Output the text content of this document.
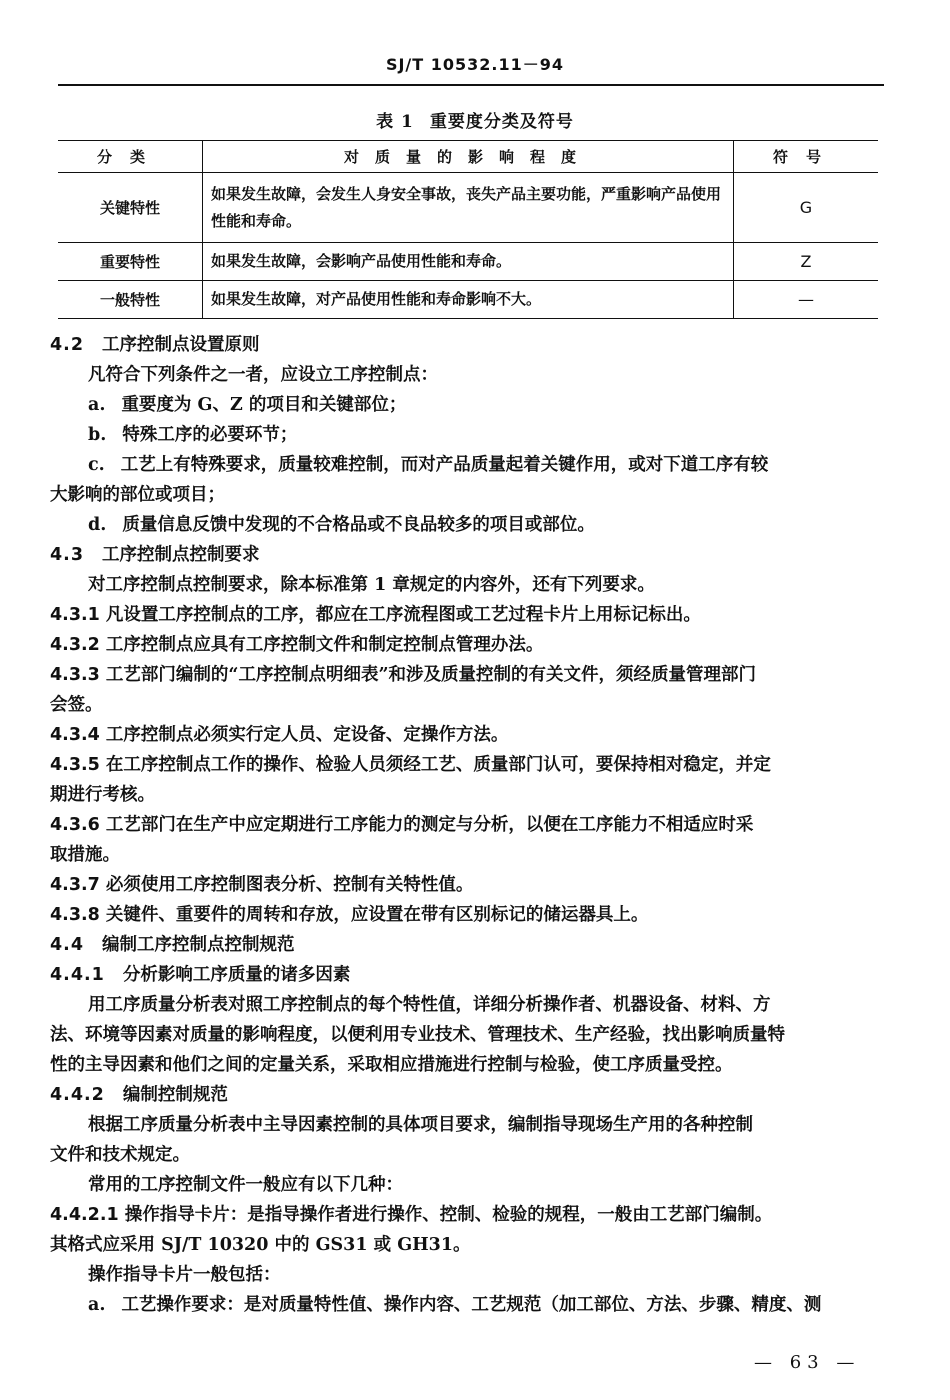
SJ/T 10532.11－94
表 1 重要度分类及符号
分类	对质量的影响程度	符号
关键特性	如果发生故障，会发生人身安全事故，丧失产品主要功能，严重影响产品使用性能和寿命。	G
重要特性	如果发生故障，会影响产品使用性能和寿命。	Z
一般特性	如果发生故障，对产品使用性能和寿命影响不大。	—

4.2 工序控制点设置原则

凡符合下列条件之一者，应设立工序控制点：

a. 重要度为 G、Z 的项目和关键部位；

b. 特殊工序的必要环节；

c. 工艺上有特殊要求，质量较难控制，而对产品质量起着关键作用，或对下道工序有较

大影响的部位或项目；

d. 质量信息反馈中发现的不合格品或不良品较多的项目或部位。

4.3 工序控制点控制要求

对工序控制点控制要求，除本标准第 1 章规定的内容外，还有下列要求。

4.3.1 凡设置工序控制点的工序，都应在工序流程图或工艺过程卡片上用标记标出。

4.3.2 工序控制点应具有工序控制文件和制定控制点管理办法。

4.3.3 工艺部门编制的“工序控制点明细表”和涉及质量控制的有关文件，须经质量管理部门

会签。

4.3.4 工序控制点必须实行定人员、定设备、定操作方法。

4.3.5 在工序控制点工作的操作、检验人员须经工艺、质量部门认可，要保持相对稳定，并定

期进行考核。

4.3.6 工艺部门在生产中应定期进行工序能力的测定与分析，以便在工序能力不相适应时采

取措施。

4.3.7 必须使用工序控制图表分析、控制有关特性值。

4.3.8 关键件、重要件的周转和存放，应设置在带有区别标记的储运器具上。

4.4 编制工序控制点控制规范

4.4.1 分析影响工序质量的诸多因素

用工序质量分析表对照工序控制点的每个特性值，详细分析操作者、机器设备、材料、方

法、环境等因素对质量的影响程度，以便利用专业技术、管理技术、生产经验，找出影响质量特

性的主导因素和他们之间的定量关系，采取相应措施进行控制与检验，使工序质量受控。

4.4.2 编制控制规范

根据工序质量分析表中主导因素控制的具体项目要求，编制指导现场生产用的各种控制

文件和技术规定。

常用的工序控制文件一般应有以下几种：

4.4.2.1 操作指导卡片：是指导操作者进行操作、控制、检验的规程，一般由工艺部门编制。

其格式应采用 SJ/T 10320 中的 GS31 或 GH31。

操作指导卡片一般包括：

a. 工艺操作要求：是对质量特性值、操作内容、工艺规范（加工部位、方法、步骤、精度、测

— 63 —
